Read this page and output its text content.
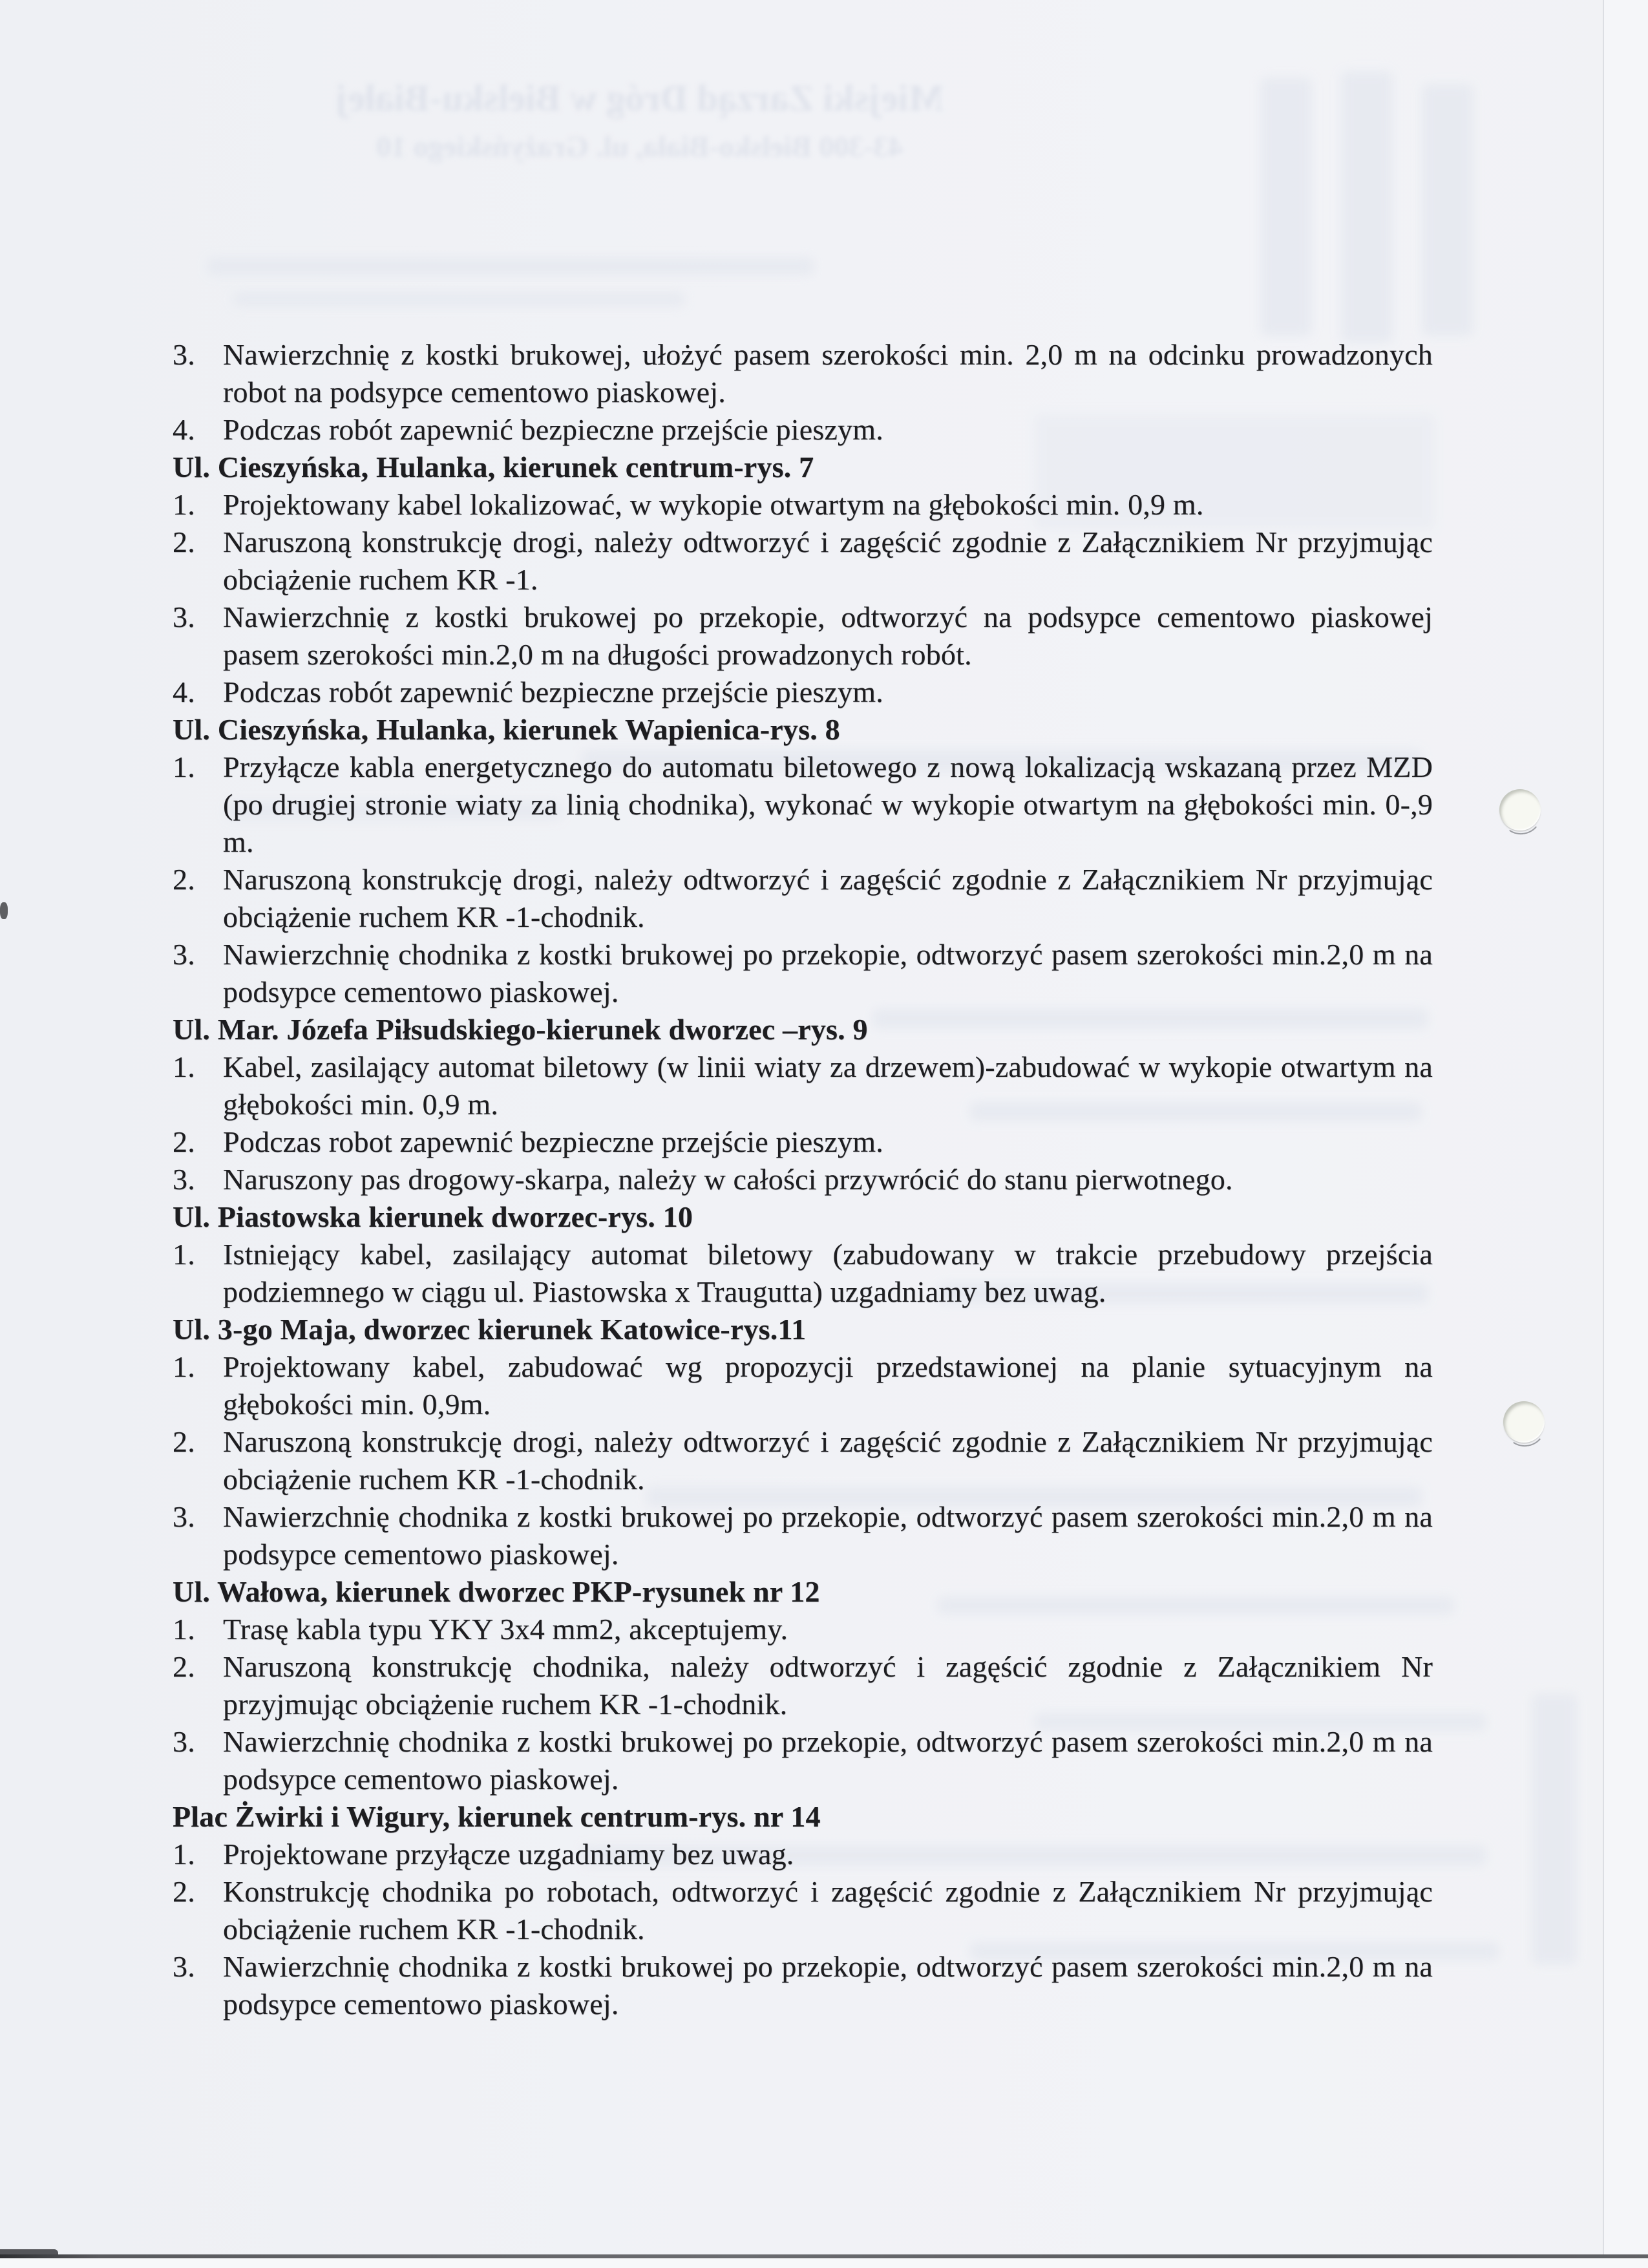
Miejski Zarząd Dróg w Bielsku-Białej
43-300 Bielsko-Biała, ul. Grażyńskiego 10
3. Nawierzchnię z kostki brukowej, ułożyć pasem szerokości min. 2,0 m na odcinku prowadzonych robot na podsypce cementowo piaskowej.
4. Podczas robót zapewnić bezpieczne przejście pieszym.
Ul. Cieszyńska, Hulanka, kierunek centrum-rys. 7
1. Projektowany kabel lokalizować, w wykopie otwartym na głębokości min. 0,9 m.
2. Naruszoną konstrukcję drogi, należy odtworzyć i zagęścić zgodnie z Załącznikiem Nr przyjmując obciążenie ruchem KR -1.
3. Nawierzchnię z kostki brukowej po przekopie, odtworzyć na podsypce cementowo piaskowej pasem szerokości min.2,0 m na długości prowadzonych robót.
4. Podczas robót zapewnić bezpieczne przejście pieszym.
Ul. Cieszyńska, Hulanka, kierunek Wapienica-rys. 8
1. Przyłącze kabla energetycznego do automatu biletowego z nową lokalizacją wskazaną przez MZD (po drugiej stronie wiaty za linią chodnika), wykonać w wykopie otwartym na głębokości min. 0-,9 m.
2. Naruszoną konstrukcję drogi, należy odtworzyć i zagęścić zgodnie z Załącznikiem Nr przyjmując obciążenie ruchem KR -1-chodnik.
3. Nawierzchnię chodnika z kostki brukowej po przekopie, odtworzyć pasem szerokości min.2,0 m na podsypce cementowo piaskowej.
Ul. Mar. Józefa Piłsudskiego-kierunek dworzec –rys. 9
1. Kabel, zasilający automat biletowy (w linii wiaty za drzewem)-zabudować w wykopie otwartym na głębokości min. 0,9 m.
2. Podczas robot zapewnić bezpieczne przejście pieszym.
3. Naruszony pas drogowy-skarpa, należy w całości przywrócić do stanu pierwotnego.
Ul. Piastowska kierunek dworzec-rys. 10
1. Istniejący kabel, zasilający automat biletowy (zabudowany w trakcie przebudowy przejścia podziemnego w ciągu ul. Piastowska x Traugutta) uzgadniamy bez uwag.
Ul. 3-go Maja, dworzec kierunek Katowice-rys.11
1. Projektowany kabel, zabudować wg propozycji przedstawionej na planie sytuacyjnym na głębokości min. 0,9m.
2. Naruszoną konstrukcję drogi, należy odtworzyć i zagęścić zgodnie z Załącznikiem Nr przyjmując obciążenie ruchem KR -1-chodnik.
3. Nawierzchnię chodnika z kostki brukowej po przekopie, odtworzyć pasem szerokości min.2,0 m na podsypce cementowo piaskowej.
Ul. Wałowa, kierunek dworzec PKP-rysunek nr 12
1. Trasę kabla typu YKY 3x4 mm2, akceptujemy.
2. Naruszoną konstrukcję chodnika, należy odtworzyć i zagęścić zgodnie z Załącznikiem Nr przyjmując obciążenie ruchem KR -1-chodnik.
3. Nawierzchnię chodnika z kostki brukowej po przekopie, odtworzyć pasem szerokości min.2,0 m na podsypce cementowo piaskowej.
Plac Żwirki i Wigury, kierunek centrum-rys. nr 14
1. Projektowane przyłącze uzgadniamy bez uwag.
2. Konstrukcję chodnika po robotach, odtworzyć i zagęścić zgodnie z Załącznikiem Nr przyjmując obciążenie ruchem KR -1-chodnik.
3. Nawierzchnię chodnika z kostki brukowej po przekopie, odtworzyć pasem szerokości min.2,0 m na podsypce cementowo piaskowej.
